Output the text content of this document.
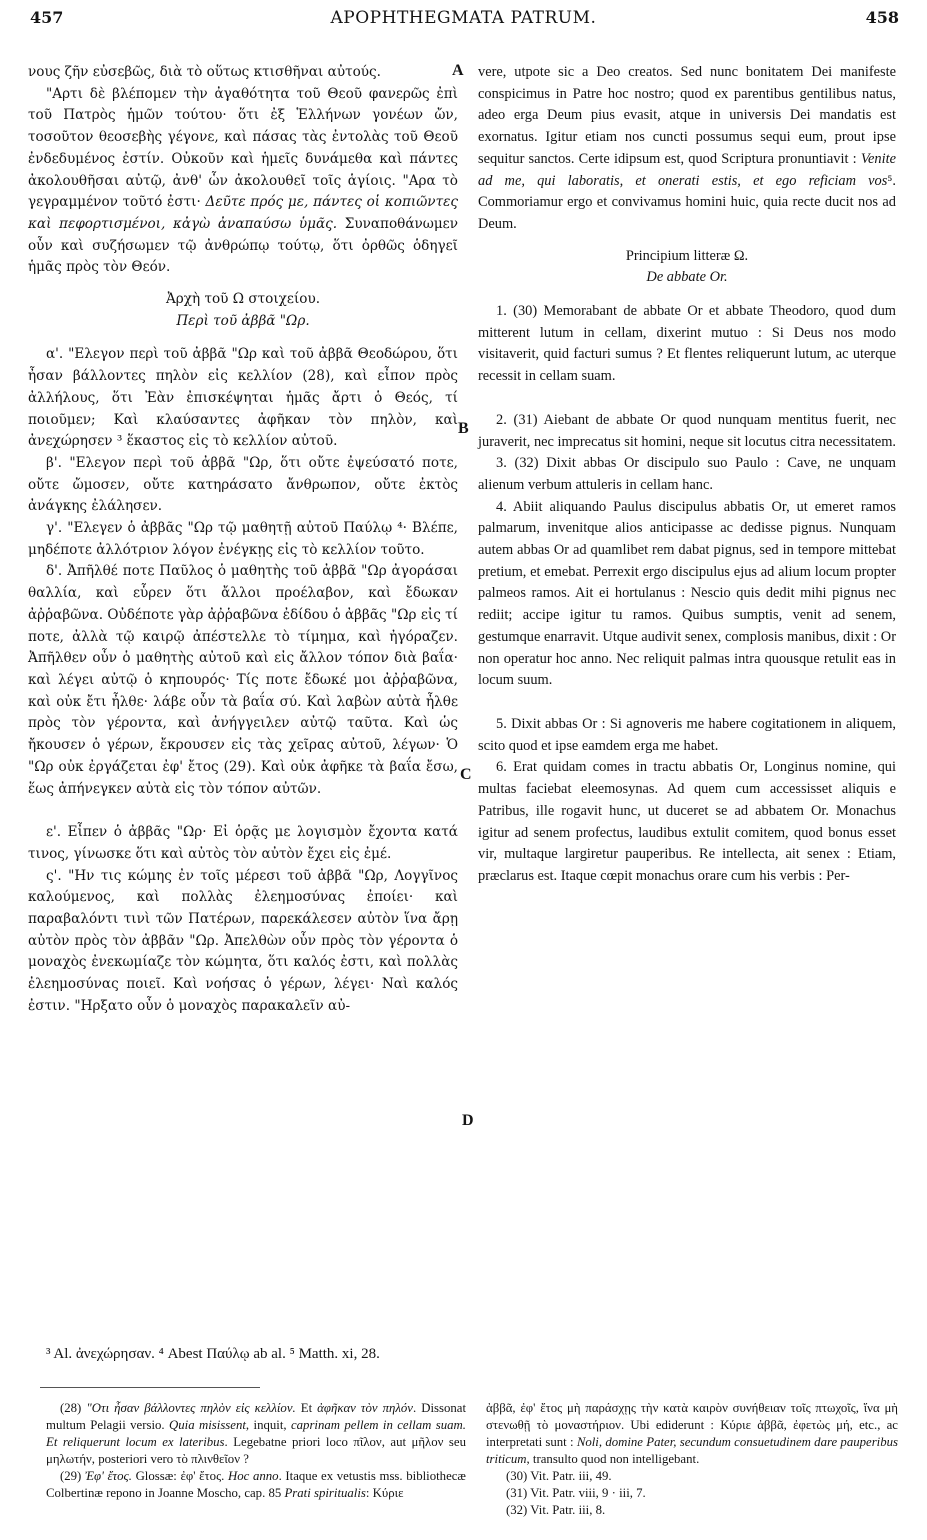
457	APOPHTHEGMATA PATRUM.	458
A
B
C
D

νους ζῆν εὐσεβῶς, διὰ τὸ οὕτως κτισθῆναι αὐτούς.

"Αρτι δὲ βλέπομεν τὴν ἀγαθότητα τοῦ Θεοῦ φανερῶς ἐπὶ τοῦ Πατρὸς ἡμῶν τούτου· ὅτι ἐξ Ἑλλήνων γονέων ὤν, τοσοῦτον θεοσεβὴς γέγονε, καὶ πάσας τὰς ἐντολὰς τοῦ Θεοῦ ἐνδεδυμένος ἐστίν. Οὐκοῦν καὶ ἡμεῖς δυνάμεθα καὶ πάντες ἀκολουθῆσαι αὐτῷ, ἀνθ' ὧν ἀκολουθεῖ τοῖς ἁγίοις. "Αρα τὸ γεγραμμένον τοῦτό ἐστι· Δεῦτε πρός με, πάντες οἱ κοπιῶντες καὶ πεφορτισμένοι, κἀγὼ ἀναπαύσω ὑμᾶς. Συναποθάνωμεν οὖν καὶ συζήσωμεν τῷ ἀνθρώπῳ τούτῳ, ὅτι ὀρθῶς ὁδηγεῖ ἡμᾶς πρὸς τὸν Θεόν.

Ἀρχὴ τοῦ Ω στοιχείου.

Περὶ τοῦ ἀββᾶ "Ωρ.

α'. "Ελεγον περὶ τοῦ ἀββᾶ "Ωρ καὶ τοῦ ἀββᾶ Θεοδώρου, ὅτι ἦσαν βάλλοντες πηλὸν εἰς κελλίον (28), καὶ εἶπον πρὸς ἀλλήλους, ὅτι Ἐὰν ἐπισκέψηται ἡμᾶς ἄρτι ὁ Θεός, τί ποιοῦμεν; Καὶ κλαύσαντες ἀφῆκαν τὸν πηλὸν, καὶ ἀνεχώρησεν ³ ἕκαστος εἰς τὸ κελλίον αὐτοῦ.

β'. "Ελεγον περὶ τοῦ ἀββᾶ "Ωρ, ὅτι οὔτε ἐψεύσατό ποτε, οὔτε ὤμοσεν, οὔτε κατηράσατο ἄνθρωπον, οὔτε ἐκτὸς ἀνάγκης ἐλάλησεν.

γ'. "Ελεγεν ὁ ἀββᾶς "Ωρ τῷ μαθητῇ αὐτοῦ Παύλῳ ⁴· Βλέπε, μηδέποτε ἀλλότριον λόγον ἐνέγκῃς εἰς τὸ κελλίον τοῦτο.

δ'. Ἀπῆλθέ ποτε Παῦλος ὁ μαθητὴς τοῦ ἀββᾶ "Ωρ ἀγοράσαι θαλλία, καὶ εὗρεν ὅτι ἄλλοι προέλαβον, καὶ ἔδωκαν ἀῤῥαβῶνα. Οὐδέποτε γὰρ ἀῤῥαβῶνα ἐδίδου ὁ ἀββᾶς "Ωρ εἰς τί ποτε, ἀλλὰ τῷ καιρῷ ἀπέστελλε τὸ τίμημα, καὶ ἠγόραζεν. Ἀπῆλθεν οὖν ὁ μαθητὴς αὐτοῦ καὶ εἰς ἄλλον τόπον διὰ βαΐα· καὶ λέγει αὐτῷ ὁ κηπουρός· Τίς ποτε ἔδωκέ μοι ἀῤῥαβῶνα, καὶ οὐκ ἔτι ἦλθε· λάβε οὖν τὰ βαΐα σύ. Καὶ λαβὼν αὐτὰ ἦλθε πρὸς τὸν γέροντα, καὶ ἀνήγγειλεν αὐτῷ ταῦτα. Καὶ ὡς ἤκουσεν ὁ γέρων, ἔκρουσεν εἰς τὰς χεῖρας αὐτοῦ, λέγων· Ὁ "Ωρ οὐκ ἐργάζεται ἐφ' ἔτος (29). Καὶ οὐκ ἀφῆκε τὰ βαΐα ἔσω, ἕως ἀπήνεγκεν αὐτὰ εἰς τὸν τόπον αὐτῶν.

ε'. Εἶπεν ὁ ἀββᾶς "Ωρ· Εἰ ὁρᾷς με λογισμὸν ἔχοντα κατά τινος, γίνωσκε ὅτι καὶ αὐτὸς τὸν αὐτὸν ἔχει εἰς ἐμέ.

ς'. "Ην τις κώμης ἐν τοῖς μέρεσι τοῦ ἀββᾶ "Ωρ, Λογγῖνος καλούμενος, καὶ πολλὰς ἐλεημοσύνας ἐποίει· καὶ παραβαλόντι τινὶ τῶν Πατέρων, παρεκάλεσεν αὐτὸν ἵνα ἄρῃ αὐτὸν πρὸς τὸν ἀββᾶν "Ωρ. Ἀπελθὼν οὖν πρὸς τὸν γέροντα ὁ μοναχὸς ἐνεκωμίαζε τὸν κώμητα, ὅτι καλός ἐστι, καὶ πολλὰς ἐλεημοσύνας ποιεῖ. Καὶ νοήσας ὁ γέρων, λέγει· Ναὶ καλός ἐστιν. "Ηρξατο οὖν ὁ μοναχὸς παρακαλεῖν αὐ-

vere, utpote sic a Deo creatos. Sed nunc bonitatem Dei manifeste conspicimus in Patre hoc nostro; quod ex parentibus gentilibus natus, adeo erga Deum pius evasit, atque in universis Dei mandatis est exornatus. Igitur etiam nos cuncti possumus sequi eum, prout ipse sequitur sanctos. Certe idipsum est, quod Scriptura pronuntiavit : Venite ad me, qui laboratis, et onerati estis, et ego reficiam vos⁵. Commoriamur ergo et convivamus homini huic, quia recte ducit nos ad Deum.

Principium litteræ Ω.

De abbate Or.

1. (30) Memorabant de abbate Or et abbate Theodoro, quod dum mitterent lutum in cellam, dixerint mutuo : Si Deus nos modo visitaverit, quid facturi sumus ? Et flentes reliquerunt lutum, ac uterque recessit in cellam suam.

2. (31) Aiebant de abbate Or quod nunquam mentitus fuerit, nec juraverit, nec imprecatus sit homini, neque sit locutus citra necessitatem.

3. (32) Dixit abbas Or discipulo suo Paulo : Cave, ne unquam alienum verbum attuleris in cellam hanc.

4. Abiit aliquando Paulus discipulus abbatis Or, ut emeret ramos palmarum, invenitque alios anticipasse ac dedisse pignus. Nunquam autem abbas Or ad quamlibet rem dabat pignus, sed in tempore mittebat pretium, et emebat. Perrexit ergo discipulus ejus ad alium locum propter palmeos ramos. Ait ei hortulanus : Nescio quis dedit mihi pignus nec rediit; accipe igitur tu ramos. Quibus sumptis, venit ad senem, gestumque enarravit. Utque audivit senex, complosis manibus, dixit : Or non operatur hoc anno. Nec reliquit palmas intra quousque retulit eas in locum suum.

5. Dixit abbas Or : Si agnoveris me habere cogitationem in aliquem, scito quod et ipse eamdem erga me habet.

6. Erat quidam comes in tractu abbatis Or, Longinus nomine, qui multas faciebat eleemosynas. Ad quem cum accessisset aliquis e Patribus, ille rogavit hunc, ut duceret se ad abbatem Or. Monachus igitur ad senem profectus, laudibus extulit comitem, quod bonus esset vir, multaque largiretur pauperibus. Re intellecta, ait senex : Etiam, præclarus est. Itaque cœpit monachus orare cum his verbis : Per-

³ Al. ἀνεχώρησαν. ⁴ Abest Παύλῳ ab al. ⁵ Matth. xi, 28.

(28) "Οτι ἦσαν βάλλοντες πηλὸν εἰς κελλίον. Et ἀφῆκαν τὸν πηλόν. Dissonat multum Pelagii versio. Quia misissent, inquit, caprinam pellem in cellam suam. Et reliquerunt locum ex lateribus. Legebatne priori loco πῖλον, aut μῆλον seu μηλωτήν, posteriori vero τὸ πλινθεῖον ?

(29) Ἐφ' ἔτος. Glossæ: ἐφ' ἔτος. Hoc anno. Itaque ex vetustis mss. bibliothecæ Colbertinæ repono in Joanne Moscho, cap. 85 Prati spiritualis: Κύριε

ἀββᾶ, ἐφ' ἔτος μὴ παράσχῃς τὴν κατὰ καιρὸν συνήθειαν τοῖς πτωχοῖς, ἵνα μὴ στενωθῇ τὸ μοναστήριον. Ubi ediderunt : Κύριε ἀββᾶ, ἐφετὼς μή, etc., ac interpretati sunt : Noli, domine Pater, secundum consuetudinem dare pauperibus triticum, transulto quod non intelligebant.

(30) Vit. Patr. iii, 49.

(31) Vit. Patr. viii, 9 · iii, 7.

(32) Vit. Patr. iii, 8.
